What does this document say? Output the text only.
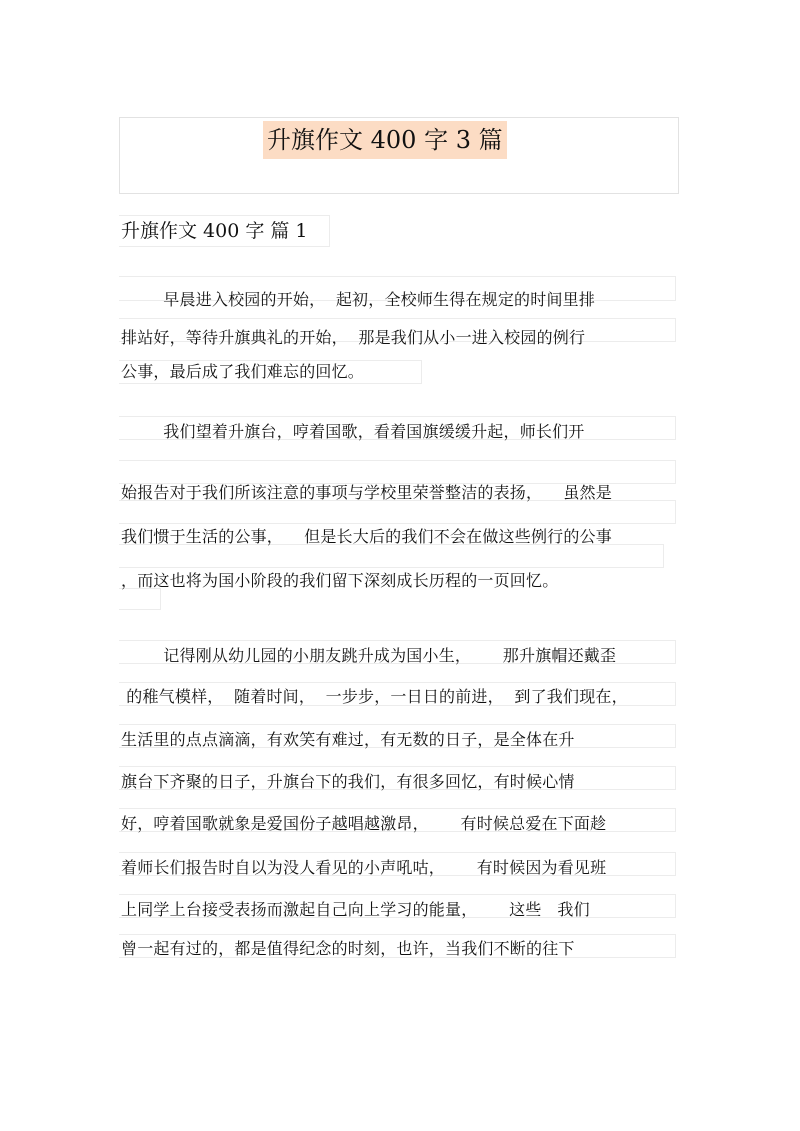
升旗作文 400 字 3 篇
升旗作文 400 字 篇 1
早晨进入校园的开始，  起初，全校师生得在规定的时间里排
排站好，等待升旗典礼的开始，  那是我们从小一进入校园的例行
公事，最后成了我们难忘的回忆。
我们望着升旗台，哼着国歌，看着国旗缓缓升起，师长们开
始报告对于我们所该注意的事项与学校里荣誉整洁的表扬，    虽然是
我们惯于生活的公事，    但是长大后的我们不会在做这些例行的公事
，而这也将为国小阶段的我们留下深刻成长历程的一页回忆。
记得刚从幼儿园的小朋友跳升成为国小生，      那升旗帽还戴歪
的稚气模样，  随着时间，  一步步，一日日的前进，  到了我们现在，
生活里的点点滴滴，有欢笑有难过，有无数的日子，是全体在升
旗台下齐聚的日子，升旗台下的我们，有很多回忆，有时候心情
好，哼着国歌就象是爱国份子越唱越激昂，      有时候总爱在下面趁
着师长们报告时自以为没人看见的小声吼咕，      有时候因为看见班
上同学上台接受表扬而激起自己向上学习的能量，      这些   我们
曾一起有过的，都是值得纪念的时刻，也许，当我们不断的往下
